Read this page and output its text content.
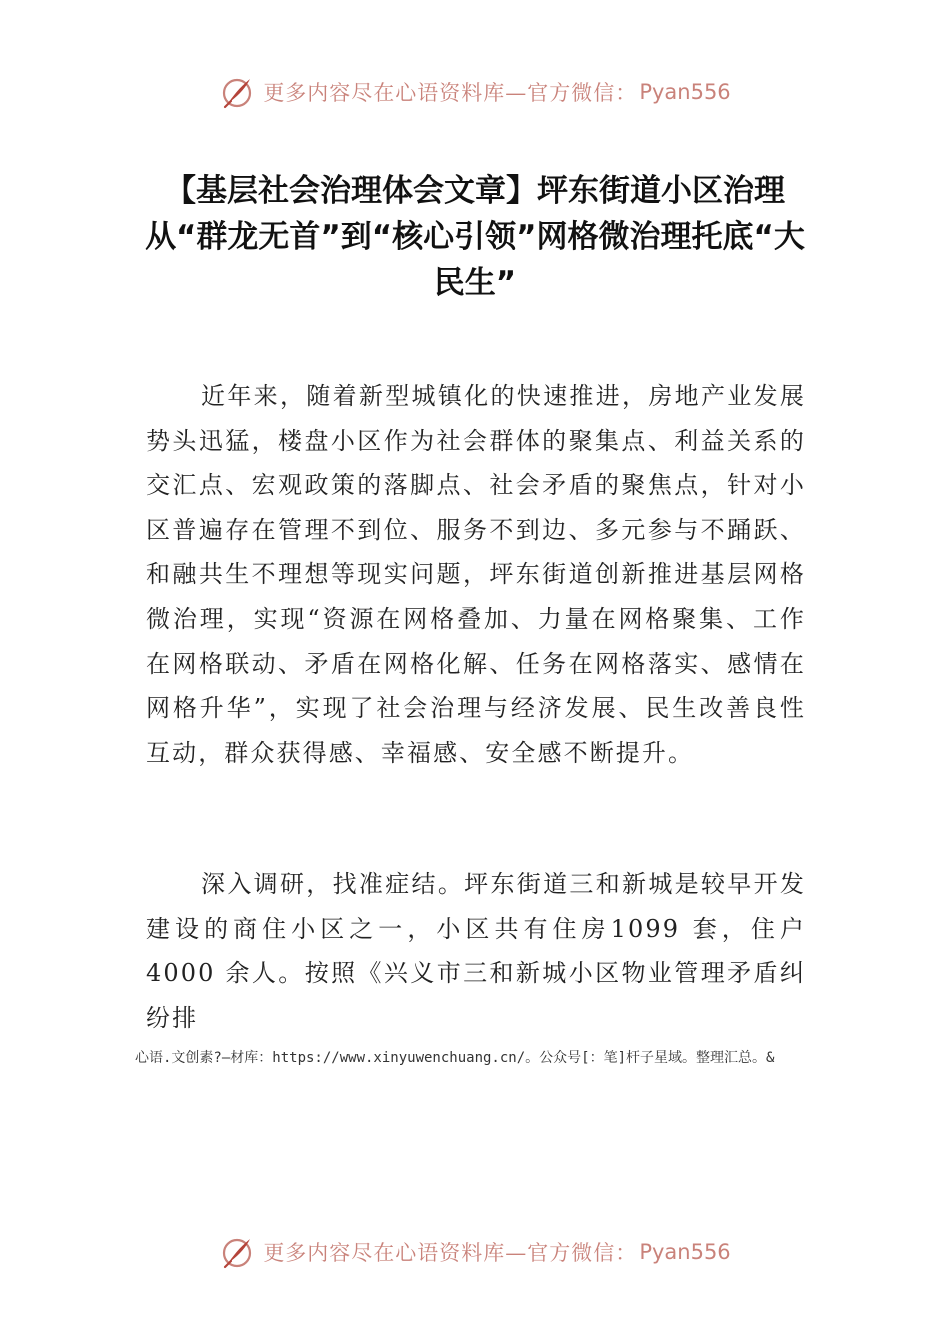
更多内容尽在心语资料库—官方微信： Pyan556
【基层社会治理体会文章】坪东街道小区治理从“群龙无首”到“核心引领”网格微治理托底“大民生”

近年来，随着新型城镇化的快速推进，房地产业发展势头迅猛，楼盘小区作为社会群体的聚集点、利益关系的交汇点、宏观政策的落脚点、社会矛盾的聚焦点，针对小区普遍存在管理不到位、服务不到边、多元参与不踊跃、和融共生不理想等现实问题，坪东街道创新推进基层网格微治理，实现“资源在网格叠加、力量在网格聚集、工作在网格联动、矛盾在网格化解、任务在网格落实、感情在网格升华”，实现了社会治理与经济发展、民生改善良性互动，群众获得感、幸福感、安全感不断提升。

深入调研，找准症结。坪东街道三和新城是较早开发建设的商住小区之一，小区共有住房1099 套，住户4000 余人。按照《兴义市三和新城小区物业管理矛盾纠纷排

心语.文创素?—材库：https://www.xinyuwenchuang.cn/。公众号[：笔]杆子星域。整理汇总。&

更多内容尽在心语资料库—官方微信： Pyan556
